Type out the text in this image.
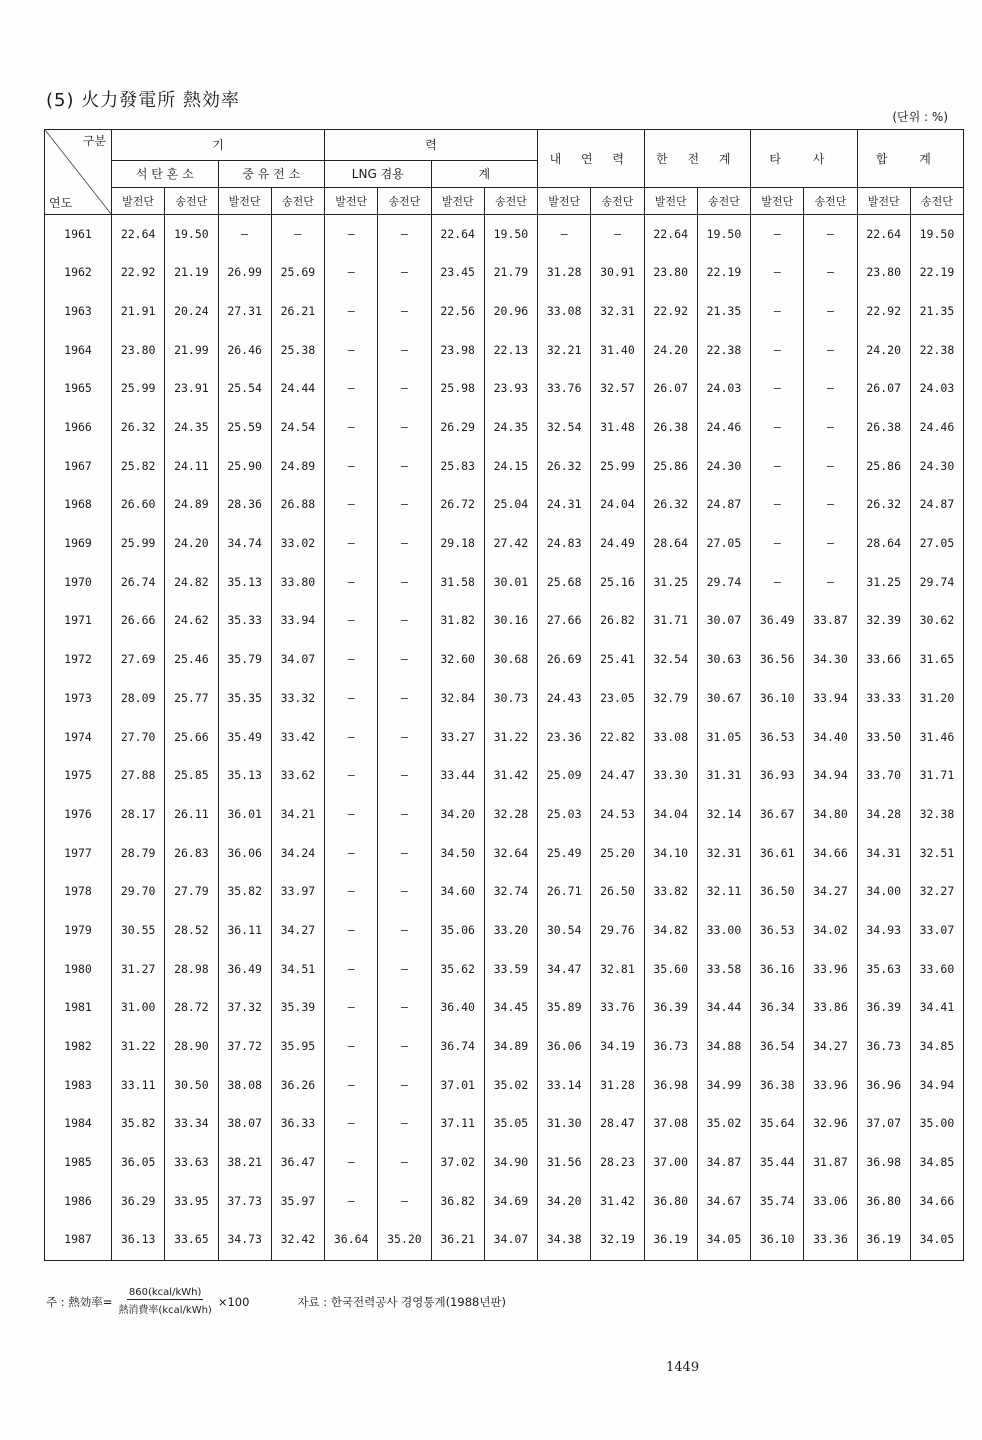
(5) 火力發電所 熱効率
(단위 : %)
구분
연도	기				력				내 연 력		한 전 계		타 사		합 계	
	석 탄 혼 소		중 유 전 소		LNG 겸용		계									
	발전단	송전단	발전단	송전단	발전단	송전단	발전단	송전단	발전단	송전단	발전단	송전단	발전단	송전단	발전단	송전단
1961	22.64	19.50	—	—	—	—	22.64	19.50	—	—	22.64	19.50	—	—	22.64	19.50
1962	22.92	21.19	26.99	25.69	—	—	23.45	21.79	31.28	30.91	23.80	22.19	—	—	23.80	22.19
1963	21.91	20.24	27.31	26.21	—	—	22.56	20.96	33.08	32.31	22.92	21.35	—	—	22.92	21.35
1964	23.80	21.99	26.46	25.38	—	—	23.98	22.13	32.21	31.40	24.20	22.38	—	—	24.20	22.38
1965	25.99	23.91	25.54	24.44	—	—	25.98	23.93	33.76	32.57	26.07	24.03	—	—	26.07	24.03
1966	26.32	24.35	25.59	24.54	—	—	26.29	24.35	32.54	31.48	26.38	24.46	—	—	26.38	24.46
1967	25.82	24.11	25.90	24.89	—	—	25.83	24.15	26.32	25.99	25.86	24.30	—	—	25.86	24.30
1968	26.60	24.89	28.36	26.88	—	—	26.72	25.04	24.31	24.04	26.32	24.87	—	—	26.32	24.87
1969	25.99	24.20	34.74	33.02	—	—	29.18	27.42	24.83	24.49	28.64	27.05	—	—	28.64	27.05
1970	26.74	24.82	35.13	33.80	—	—	31.58	30.01	25.68	25.16	31.25	29.74	—	—	31.25	29.74
1971	26.66	24.62	35.33	33.94	—	—	31.82	30.16	27.66	26.82	31.71	30.07	36.49	33.87	32.39	30.62
1972	27.69	25.46	35.79	34.07	—	—	32.60	30.68	26.69	25.41	32.54	30.63	36.56	34.30	33.66	31.65
1973	28.09	25.77	35.35	33.32	—	—	32.84	30.73	24.43	23.05	32.79	30.67	36.10	33.94	33.33	31.20
1974	27.70	25.66	35.49	33.42	—	—	33.27	31.22	23.36	22.82	33.08	31.05	36.53	34.40	33.50	31.46
1975	27.88	25.85	35.13	33.62	—	—	33.44	31.42	25.09	24.47	33.30	31.31	36.93	34.94	33.70	31.71
1976	28.17	26.11	36.01	34.21	—	—	34.20	32.28	25.03	24.53	34.04	32.14	36.67	34.80	34.28	32.38
1977	28.79	26.83	36.06	34.24	—	—	34.50	32.64	25.49	25.20	34.10	32.31	36.61	34.66	34.31	32.51
1978	29.70	27.79	35.82	33.97	—	—	34.60	32.74	26.71	26.50	33.82	32.11	36.50	34.27	34.00	32.27
1979	30.55	28.52	36.11	34.27	—	—	35.06	33.20	30.54	29.76	34.82	33.00	36.53	34.02	34.93	33.07
1980	31.27	28.98	36.49	34.51	—	—	35.62	33.59	34.47	32.81	35.60	33.58	36.16	33.96	35.63	33.60
1981	31.00	28.72	37.32	35.39	—	—	36.40	34.45	35.89	33.76	36.39	34.44	36.34	33.86	36.39	34.41
1982	31.22	28.90	37.72	35.95	—	—	36.74	34.89	36.06	34.19	36.73	34.88	36.54	34.27	36.73	34.85
1983	33.11	30.50	38.08	36.26	—	—	37.01	35.02	33.14	31.28	36.98	34.99	36.38	33.96	36.96	34.94
1984	35.82	33.34	38.07	36.33	—	—	37.11	35.05	31.30	28.47	37.08	35.02	35.64	32.96	37.07	35.00
1985	36.05	33.63	38.21	36.47	—	—	37.02	34.90	31.56	28.23	37.00	34.87	35.44	31.87	36.98	34.85
1986	36.29	33.95	37.73	35.97	—	—	36.82	34.69	34.20	31.42	36.80	34.67	35.74	33.06	36.80	34.66
1987	36.13	33.65	34.73	32.42	36.64	35.20	36.21	34.07	34.38	32.19	36.19	34.05	36.10	33.36	36.19	34.05
주 : 熱効率= $\frac{\text{860(kcal/kWh)}}{\text{熱消費率(kcal/kWh)}} \times 100$	자료 : 한국전력공사 경영통계(1988년판)
1449
